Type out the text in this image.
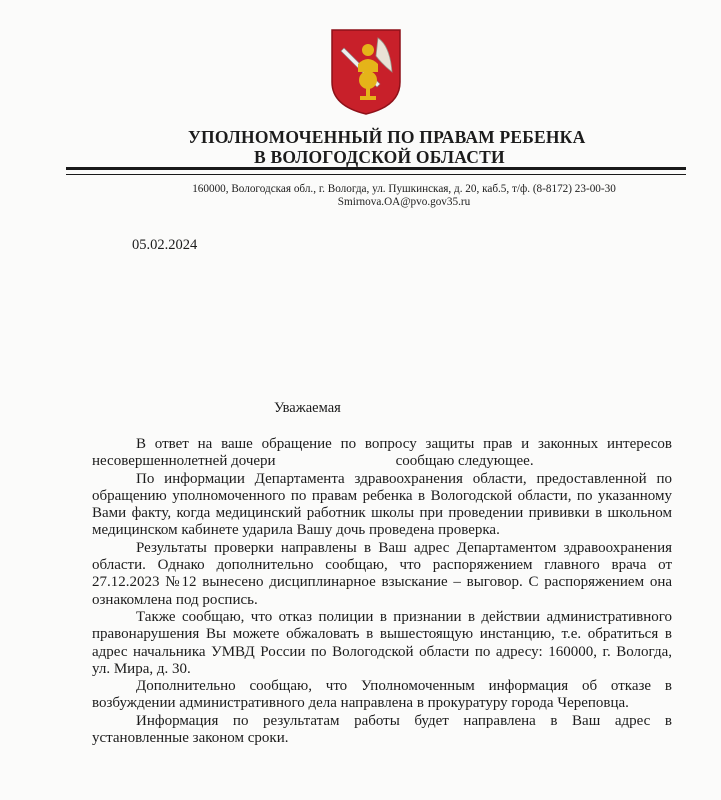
УПОЛНОМОЧЕННЫЙ ПО ПРАВАМ РЕБЕНКА
В ВОЛОГОДСКОЙ ОБЛАСТИ
160000, Вологодская обл., г. Вологда, ул. Пушкинская, д. 20, каб.5, т/ф. (8-8172) 23-00-30
Smirnova.OA@pvo.gov35.ru
05.02.2024
Уважаемая

В ответ на ваше обращение по вопросу защиты прав и законных интересов несовершеннолетней дочери	сообщаю следующее.

По информации Департамента здравоохранения области, предоставленной по обращению уполномоченного по правам ребенка в Вологодской области, по указанному Вами факту, когда медицинский работник школы при проведении прививки в школьном медицинском кабинете ударила Вашу дочь проведена проверка.

Результаты проверки направлены в Ваш адрес Департаментом здравоохранения области. Однако дополнительно сообщаю, что распоряжением главного врача от 27.12.2023 №12 вынесено дисциплинарное взыскание – выговор. С распоряжением она ознакомлена под роспись.

Также сообщаю, что отказ полиции в признании в действии административного правонарушения Вы можете обжаловать в вышестоящую инстанцию, т.е. обратиться в адрес начальника УМВД России по Вологодской области по адресу: 160000, г. Вологда, ул. Мира, д. 30.

Дополнительно сообщаю, что Уполномоченным информация об отказе в возбуждении административного дела направлена в прокуратуру города Череповца.

Информация по результатам работы будет направлена в Ваш адрес в установленные законом сроки.
